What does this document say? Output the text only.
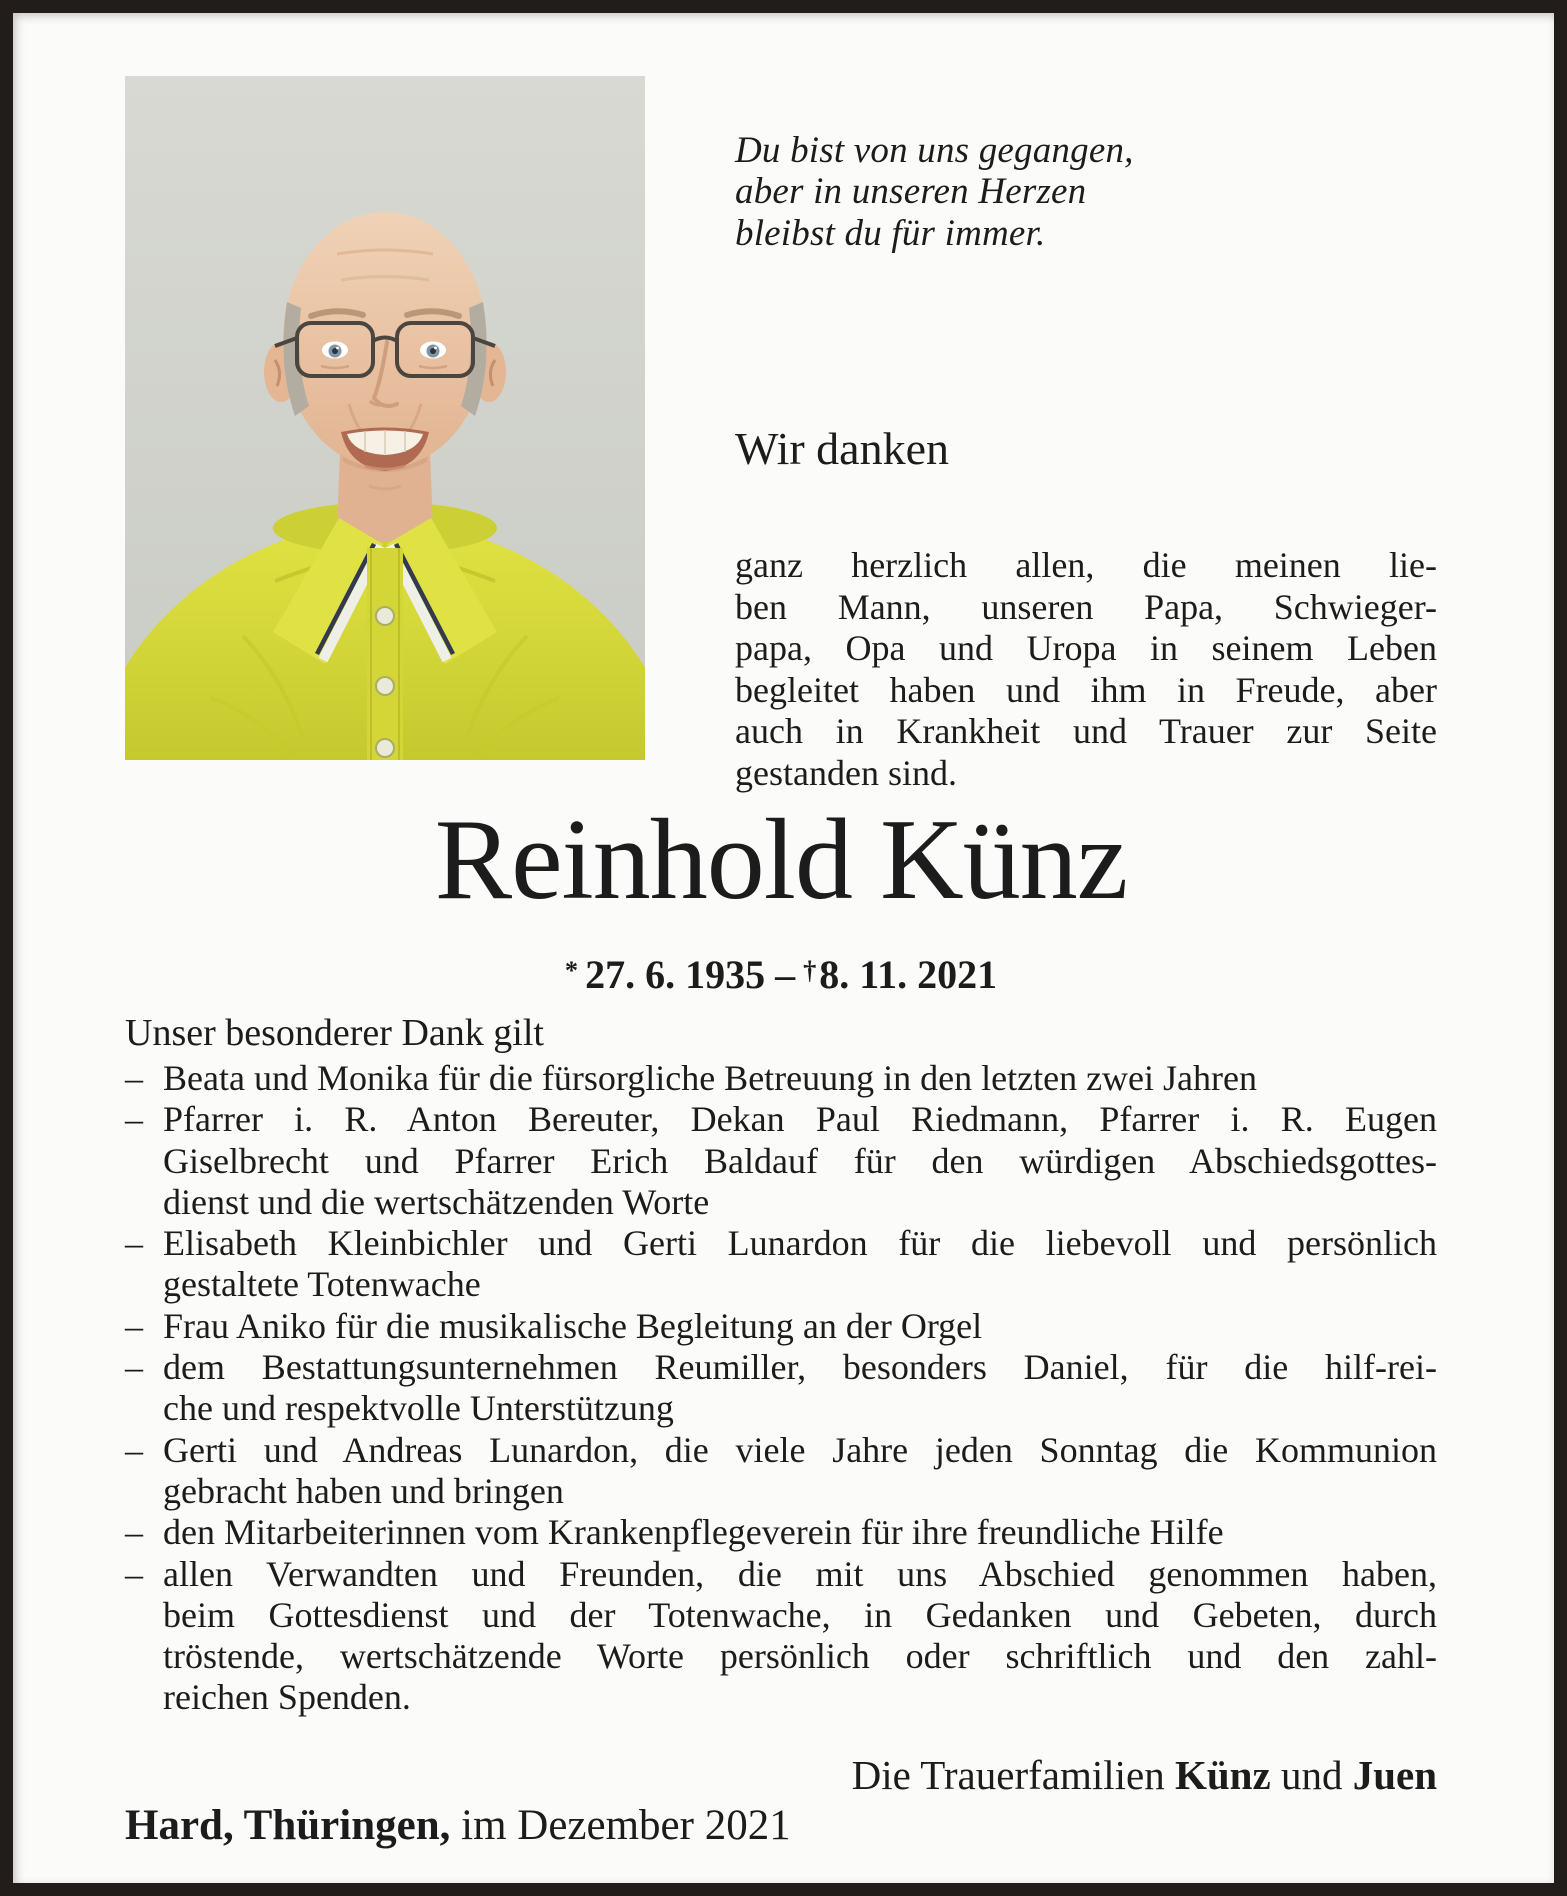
Du bist von uns gegangen,
aber in unseren Herzen
bleibst du für immer.
Wir danken
ganz herzlich allen, die meinen lie-
ben Mann, unseren Papa, Schwieger-
papa, Opa und Uropa in seinem Leben
begleitet haben und ihm in Freude, aber
auch in Krankheit und Trauer zur Seite
gestanden sind.
Reinhold Künz
* 27. 6. 1935 – †8. 11. 2021
Unser besonderer Dank gilt
– Beata und Monika für die fürsorgliche Betreuung in den letzten zwei Jahren
– Pfarrer i. R. Anton Bereuter, Dekan Paul Riedmann, Pfarrer i. R. Eugen
Giselbrecht und Pfarrer Erich Baldauf für den würdigen Abschiedsgottes-
dienst und die wertschätzenden Worte
– Elisabeth Kleinbichler und Gerti Lunardon für die liebevoll und persönlich
gestaltete Totenwache
– Frau Aniko für die musikalische Begleitung an der Orgel
– dem Bestattungsunternehmen Reumiller, besonders Daniel, für die hilf-rei-
che und respektvolle Unterstützung
– Gerti und Andreas Lunardon, die viele Jahre jeden Sonntag die Kommunion
gebracht haben und bringen
– den Mitarbeiterinnen vom Krankenpflegeverein für ihre freundliche Hilfe
– allen Verwandten und Freunden, die mit uns Abschied genommen haben,
beim Gottesdienst und der Totenwache, in Gedanken und Gebeten, durch
tröstende, wertschätzende Worte persönlich oder schriftlich und den zahl-
reichen Spenden.
Die Trauerfamilien Künz und Juen
Hard, Thüringen, im Dezember 2021
